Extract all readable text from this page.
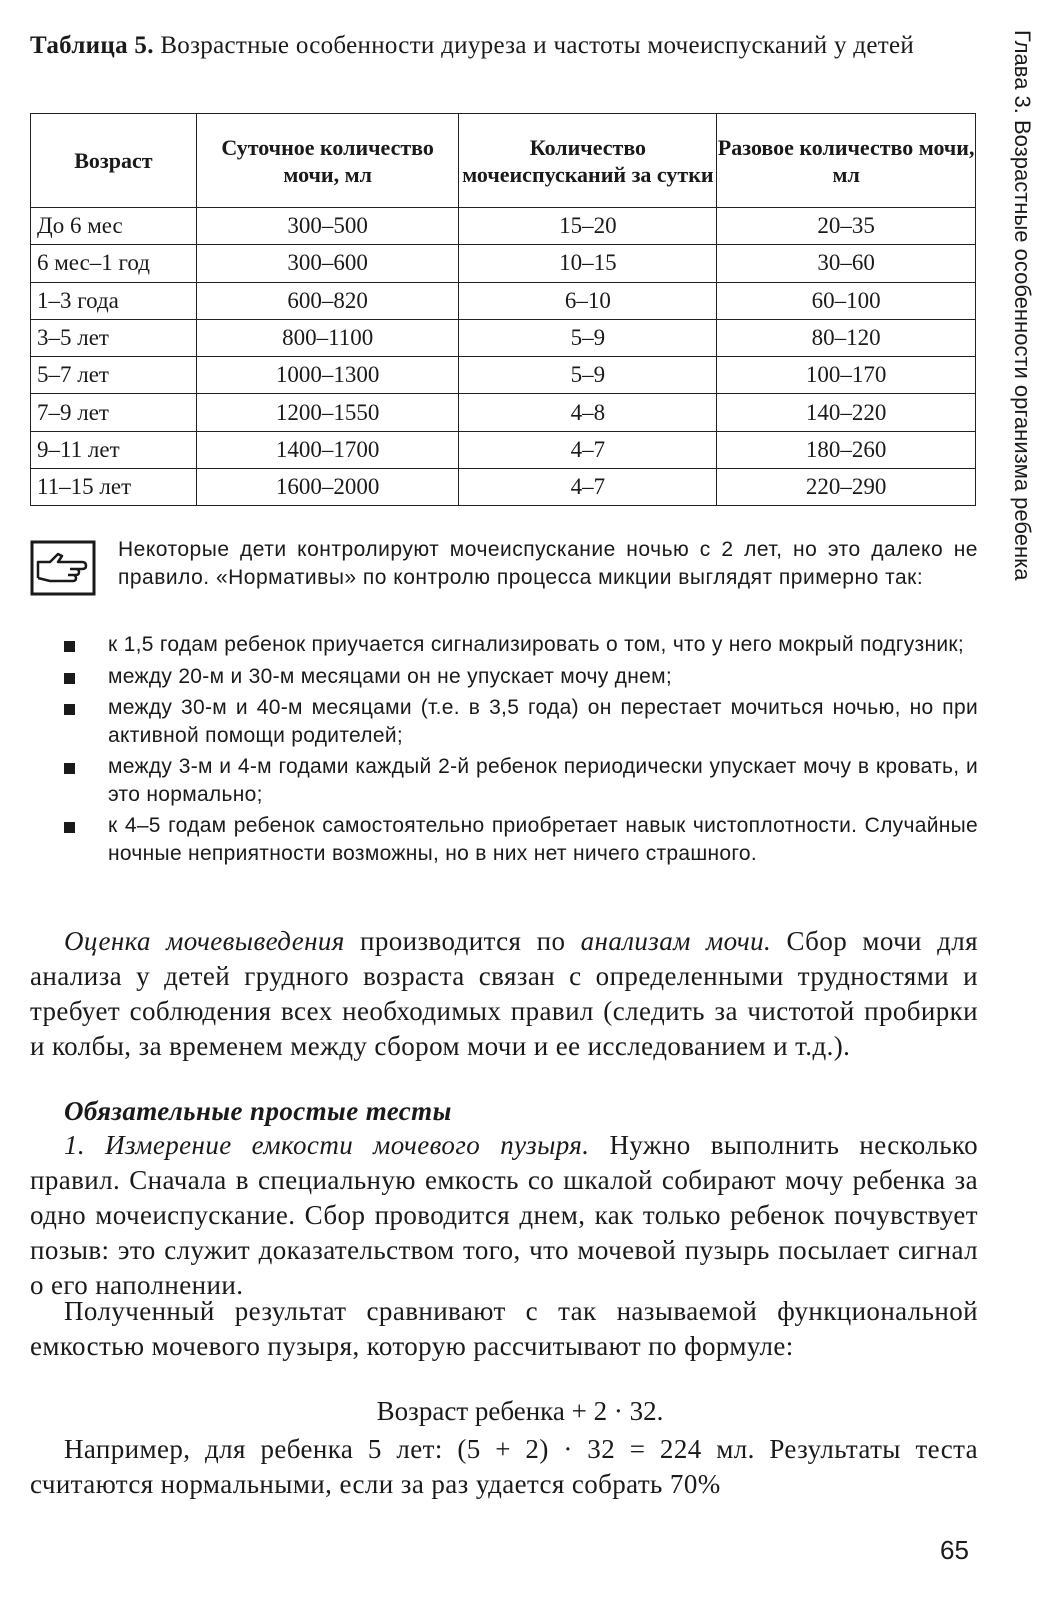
Таблица 5. Возрастные особенности диуреза и частоты мочеиспусканий у детей	Глава 3. Возрастные особенности организма ребенка
Возраст	Суточное количество мочи, мл	Количество мочеиспусканий за сутки	Разовое количество мочи, мл
До 6 мес	300–500	15–20	20–35
6 мес–1 год	300–600	10–15	30–60
1–3 года	600–820	6–10	60–100
3–5 лет	800–1100	5–9	80–120
5–7 лет	1000–1300	5–9	100–170
7–9 лет	1200–1550	4–8	140–220
9–11 лет	1400–1700	4–7	180–260
11–15 лет	1600–2000	4–7	220–290
Некоторые дети контролируют мочеиспускание ночью с 2 лет, но это далеко не правило. «Нормативы» по контролю процесса микции выглядят примерно так:
к 1,5 годам ребенок приучается сигнализировать о том, что у него мокрый подгузник;
между 20-м и 30-м месяцами он не упускает мочу днем;
между 30-м и 40-м месяцами (т.е. в 3,5 года) он перестает мочиться ночью, но при активной помощи родителей;
между 3-м и 4-м годами каждый 2-й ребенок периодически упускает мочу в кровать, и это нормально;
к 4–5 годам ребенок самостоятельно приобретает навык чистоплотности. Случайные ночные неприятности возможны, но в них нет ничего страшного.
Оценка мочевыведения производится по анализам мочи. Сбор мочи для анализа у детей грудного возраста связан с определенными трудностями и требует соблюдения всех необходимых правил (следить за чистотой пробирки и колбы, за временем между сбором мочи и ее исследованием и т.д.).
Обязательные простые тесты
1. Измерение емкости мочевого пузыря. Нужно выполнить несколько правил. Сначала в специальную емкость со шкалой собирают мочу ребенка за одно мочеиспускание. Сбор проводится днем, как только ребенок почувствует позыв: это служит доказательством того, что мочевой пузырь посылает сигнал о его наполнении.
Полученный результат сравнивают с так называемой функциональной емкостью мочевого пузыря, которую рассчитывают по формуле:
Возраст ребенка + 2 · 32.
Например, для ребенка 5 лет: (5 + 2) · 32 = 224 мл. Результаты теста считаются нормальными, если за раз удается собрать 70%
65
